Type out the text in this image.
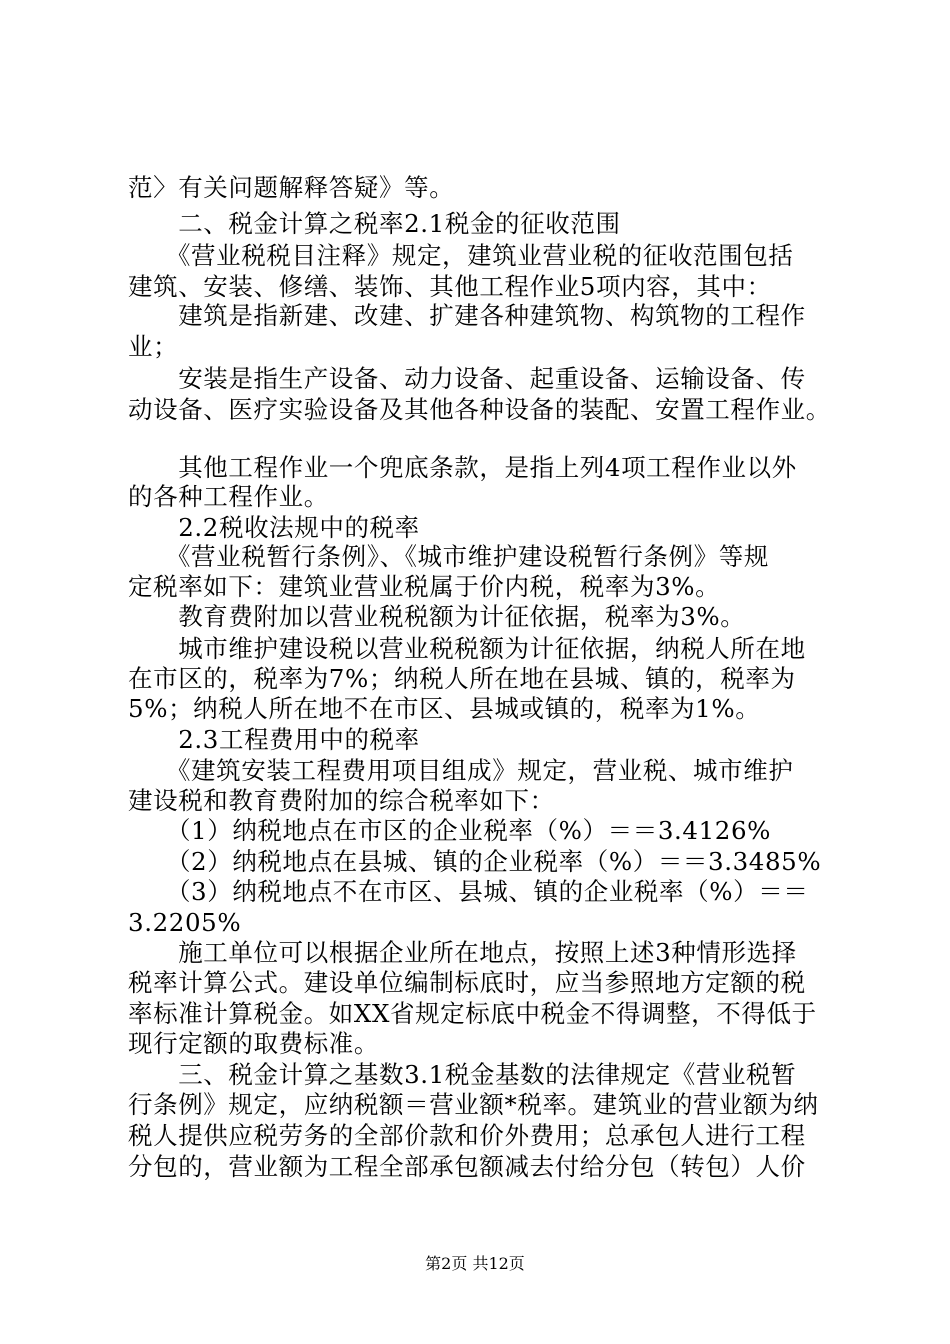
范〉有关问题解释答疑》等。
　　二、税金计算之税率2.1税金的征收范围
　　《营业税税目注释》规定，建筑业营业税的征收范围包括
建筑、安装、修缮、装饰、其他工程作业5项内容，其中：
　　建筑是指新建、改建、扩建各种建筑物、构筑物的工程作
业；
　　安装是指生产设备、动力设备、起重设备、运输设备、传
动设备、医疗实验设备及其他各种设备的装配、安置工程作业。
　　其他工程作业一个兜底条款，是指上列4项工程作业以外
的各种工程作业。
　　2.2税收法规中的税率
　　《营业税暂行条例》、《城市维护建设税暂行条例》等规
定税率如下：建筑业营业税属于价内税，税率为3%。
　　教育费附加以营业税税额为计征依据，税率为3%。
　　城市维护建设税以营业税税额为计征依据，纳税人所在地
在市区的，税率为7%；纳税人所在地在县城、镇的，税率为
5%；纳税人所在地不在市区、县城或镇的，税率为1%。
　　2.3工程费用中的税率
　　《建筑安装工程费用项目组成》规定，营业税、城市维护
建设税和教育费附加的综合税率如下：
　　（1）纳税地点在市区的企业税率（%）＝＝3.4126%
　　（2）纳税地点在县城、镇的企业税率（%）＝＝3.3485%
　　（3）纳税地点不在市区、县城、镇的企业税率（%）＝＝
3.2205%
　　施工单位可以根据企业所在地点，按照上述3种情形选择
税率计算公式。建设单位编制标底时，应当参照地方定额的税
率标准计算税金。如XX省规定标底中税金不得调整，不得低于
现行定额的取费标准。
　　三、税金计算之基数3.1税金基数的法律规定《营业税暂
行条例》规定，应纳税额＝营业额*税率。建筑业的营业额为纳
税人提供应税劳务的全部价款和价外费用；总承包人进行工程
分包的，营业额为工程全部承包额减去付给分包（转包）人价
第2页 共12页
